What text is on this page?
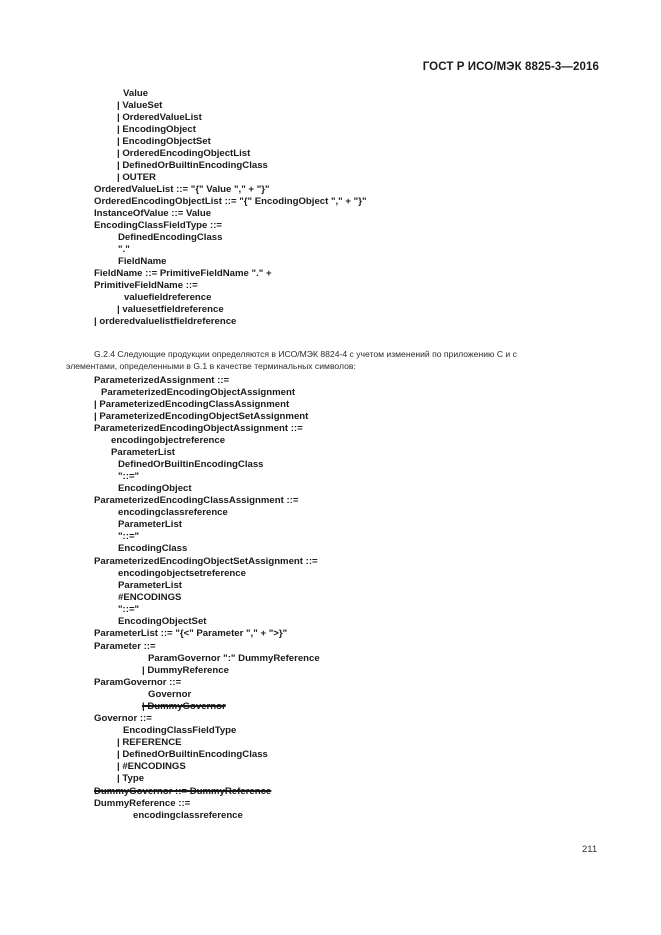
ГОСТ Р ИСО/МЭК 8825-3—2016
Value
| ValueSet
| OrderedValueList
| EncodingObject
| EncodingObjectSet
| OrderedEncodingObjectList
| DefinedOrBuiltinEncodingClass
| OUTER
OrderedValueList ::= "{" Value "," + "}"
OrderedEncodingObjectList ::= "{" EncodingObject "," + "}"
InstanceOfValue ::= Value
EncodingClassFieldType ::=
DefinedEncodingClass
"."
FieldName
FieldName ::= PrimitiveFieldName "." +
PrimitiveFieldName ::=
valuefieldreference
| valuesetfieldreference
| orderedvaluelistfieldreference
G.2.4 Следующие продукции определяются в ИСО/МЭК 8824-4 с учетом изменений по приложению С и с
элементами, определенными в G.1 в качестве терминальных символов:
ParameterizedAssignment ::=
ParameterizedEncodingObjectAssignment
| ParameterizedEncodingClassAssignment
| ParameterizedEncodingObjectSetAssignment
ParameterizedEncodingObjectAssignment ::=
encodingobjectreference
ParameterList
DefinedOrBuiltinEncodingClass
"::="
EncodingObject
ParameterizedEncodingClassAssignment ::=
encodingclassreference
ParameterList
"::="
EncodingClass
ParameterizedEncodingObjectSetAssignment ::=
encodingobjectsetreference
ParameterList
#ENCODINGS
"::="
EncodingObjectSet
ParameterList ::= "{<" Parameter "," + ">}"
Parameter ::=
ParamGovernor ":" DummyReference
| DummyReference
ParamGovernor ::=
Governor
| DummyGovernor
Governor ::=
EncodingClassFieldType
| REFERENCE
| DefinedOrBuiltinEncodingClass
| #ENCODINGS
| Type
DummyGovernor ::= DummyReference
DummyReference ::=
encodingclassreference
211
